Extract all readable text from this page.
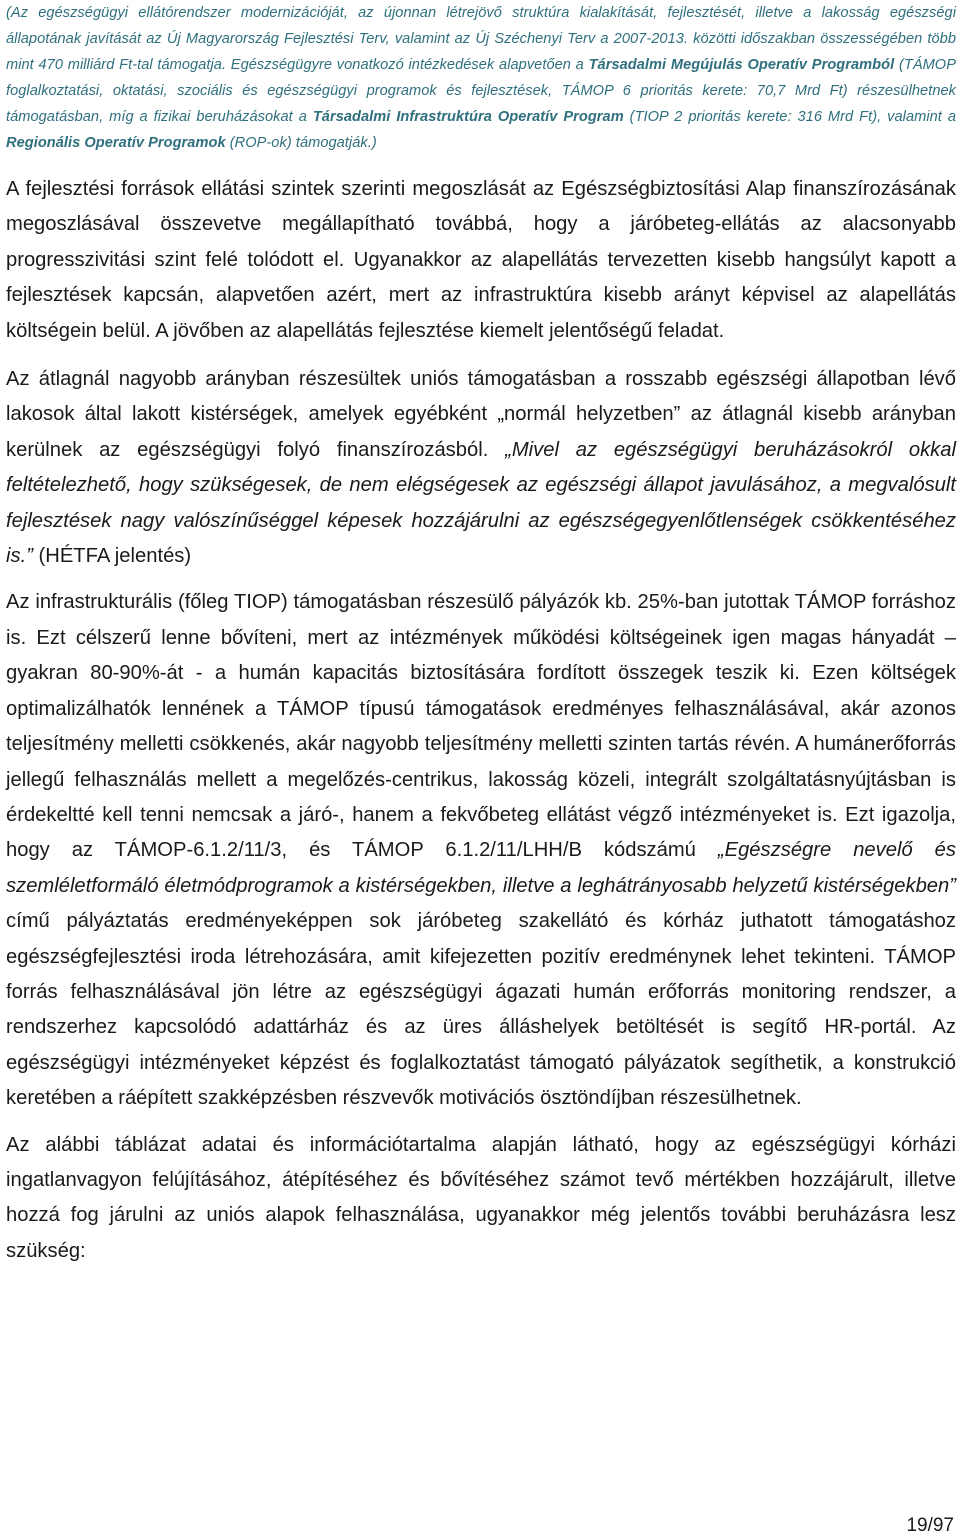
(Az egészségügyi ellátórendszer modernizációját, az újonnan létrejövő struktúra kialakítását, fejlesztését, illetve a lakosság egészségi állapotának javítását az Új Magyarország Fejlesztési Terv, valamint az Új Széchenyi Terv a 2007-2013. közötti időszakban összességében több mint 470 milliárd Ft-tal támogatja. Egészségügyre vonatkozó intézkedések alapvetően a Társadalmi Megújulás Operatív Programból (TÁMOP foglalkoztatási, oktatási, szociális és egészségügyi programok és fejlesztések, TÁMOP 6 prioritás kerete: 70,7 Mrd Ft) részesülhetnek támogatásban, míg a fizikai beruházásokat a Társadalmi Infrastruktúra Operatív Program (TIOP 2 prioritás kerete: 316 Mrd Ft), valamint a Regionális Operatív Programok (ROP-ok) támogatják.)

A fejlesztési források ellátási szintek szerinti megoszlását az Egészségbiztosítási Alap finanszírozásának megoszlásával összevetve megállapítható továbbá, hogy a járóbeteg-ellátás az alacsonyabb progresszivitási szint felé tolódott el. Ugyanakkor az alapellátás tervezetten kisebb hangsúlyt kapott a fejlesztések kapcsán, alapvetően azért, mert az infrastruktúra kisebb arányt képvisel az alapellátás költségein belül. A jövőben az alapellátás fejlesztése kiemelt jelentőségű feladat.

Az átlagnál nagyobb arányban részesültek uniós támogatásban a rosszabb egészségi állapotban lévő lakosok által lakott kistérségek, amelyek egyébként „normál helyzetben” az átlagnál kisebb arányban kerülnek az egészségügyi folyó finanszírozásból. „Mivel az egészségügyi beruházásokról okkal feltételezhető, hogy szükségesek, de nem elégségesek az egészségi állapot javulásához, a megvalósult fejlesztések nagy valószínűséggel képesek hozzájárulni az egészségegyenlőtlenségek csökkentéséhez is.” (HÉTFA jelentés)

Az infrastrukturális (főleg TIOP) támogatásban részesülő pályázók kb. 25%-ban jutottak TÁMOP forráshoz is. Ezt célszerű lenne bővíteni, mert az intézmények működési költségeinek igen magas hányadát – gyakran 80-90%-át - a humán kapacitás biztosítására fordított összegek teszik ki. Ezen költségek optimalizálhatók lennének a TÁMOP típusú támogatások eredményes felhasználásával, akár azonos teljesítmény melletti csökkenés, akár nagyobb teljesítmény melletti szinten tartás révén. A humánerőforrás jellegű felhasználás mellett a megelőzés-centrikus, lakosság közeli, integrált szolgáltatásnyújtásban is érdekeltté kell tenni nemcsak a járó-, hanem a fekvőbeteg ellátást végző intézményeket is. Ezt igazolja, hogy az TÁMOP-6.1.2/11/3, és TÁMOP 6.1.2/11/LHH/B kódszámú „Egészségre nevelő és szemléletformáló életmódprogramok a kistérségekben, illetve a leghátrányosabb helyzetű kistérségekben” című pályáztatás eredményeképpen sok járóbeteg szakellátó és kórház juthatott támogatáshoz egészségfejlesztési iroda létrehozására, amit kifejezetten pozitív eredménynek lehet tekinteni. TÁMOP forrás felhasználásával jön létre az egészségügyi ágazati humán erőforrás monitoring rendszer, a rendszerhez kapcsolódó adattárház és az üres álláshelyek betöltését is segítő HR-portál. Az egészségügyi intézményeket képzést és foglalkoztatást támogató pályázatok segíthetik, a konstrukció keretében a ráépített szakképzésben részvevők motivációs ösztöndíjban részesülhetnek.

Az alábbi táblázat adatai és információtartalma alapján látható, hogy az egészségügyi kórházi ingatlanvagyon felújításához, átépítéséhez és bővítéséhez számot tevő mértékben hozzájárult, illetve hozzá fog járulni az uniós alapok felhasználása, ugyanakkor még jelentős további beruházásra lesz szükség:

19/97
